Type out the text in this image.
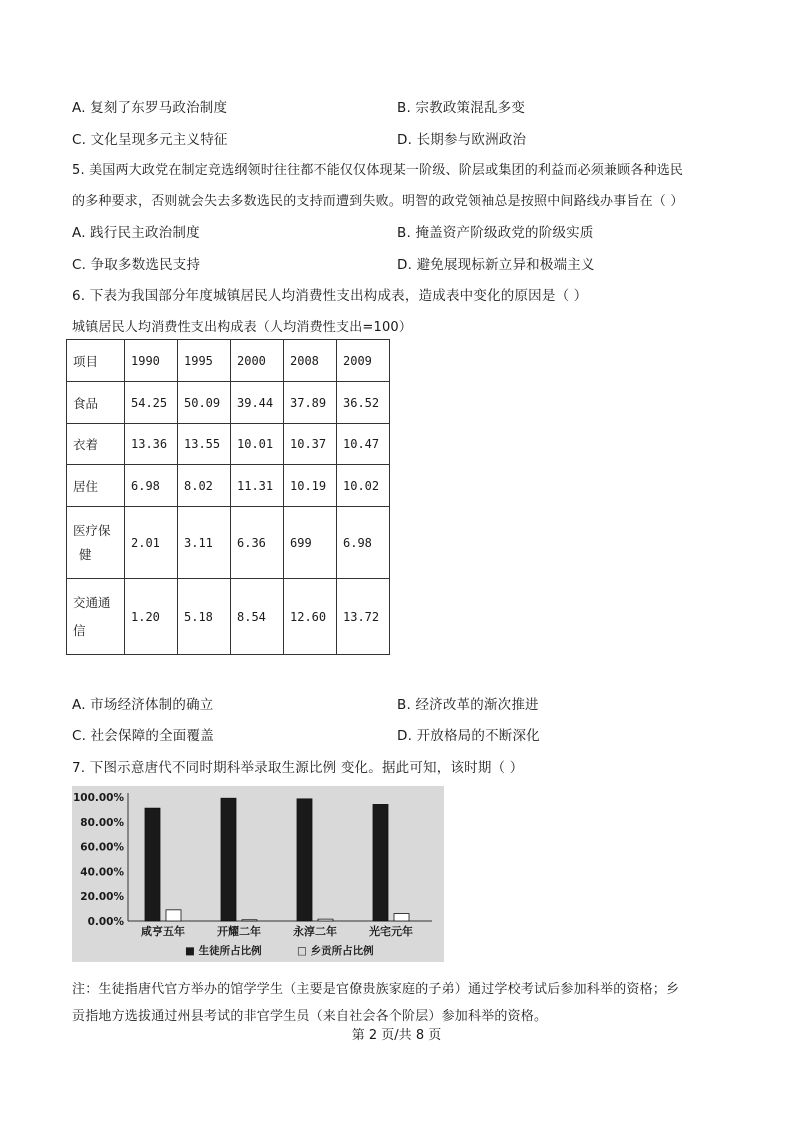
A. 复刻了东罗马政治制度	B. 宗教政策混乱多变
C. 文化呈现多元主义特征	D. 长期参与欧洲政治
5. 美国两大政党在制定竞选纲领时往往都不能仅仅体现某一阶级、阶层或集团的利益而必须兼顾各种选民
的多种要求，否则就会失去多数选民的支持而遭到失败。明智的政党领袖总是按照中间路线办事旨在（ ）
A. 践行民主政治制度	B. 掩盖资产阶级政党的阶级实质
C. 争取多数选民支持	D. 避免展现标新立异和极端主义
6. 下表为我国部分年度城镇居民人均消费性支出构成表，造成表中变化的原因是（ ）
城镇居民人均消费性支出构成表（人均消费性支出=100）
项目	1990	1995	2000	2008	2009
食品	54.25	50.09	39.44	37.89	36.52
衣着	13.36	13.55	10.01	10.37	10.47
居住	6.98	8.02	11.31	10.19	10.02

医疗保
健	2.01	3.11	6.36	699	6.98

交通通
信	1.20	5.18	8.54	12.60	13.72
A. 市场经济体制的确立	B. 经济改革的渐次推进
C. 社会保障的全面覆盖	D. 开放格局的不断深化
7. 下图示意唐代不同时期科举录取生源比例 变化。据此可知，该时期（ ）
0.00%
20.00%
40.00%
60.00%
80.00%
100.00%
咸亨五年	开耀二年	永淳二年	光宅元年
■ 生徒所占比例	□ 乡贡所占比例
注：生徒指唐代官方举办的馆学学生（主要是官僚贵族家庭的子弟）通过学校考试后参加科举的资格；乡
贡指地方选拔通过州县考试的非官学生员（来自社会各个阶层）参加科举的资格。
第 2 页/共 8 页
